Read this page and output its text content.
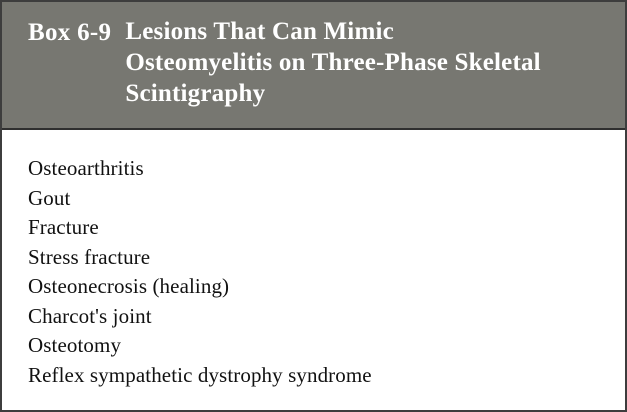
Box 6-9 Lesions That Can Mimic Osteomyelitis on Three-Phase Skeletal Scintigraphy
Osteoarthritis
Gout
Fracture
Stress fracture
Osteonecrosis (healing)
Charcot's joint
Osteotomy
Reflex sympathetic dystrophy syndrome
